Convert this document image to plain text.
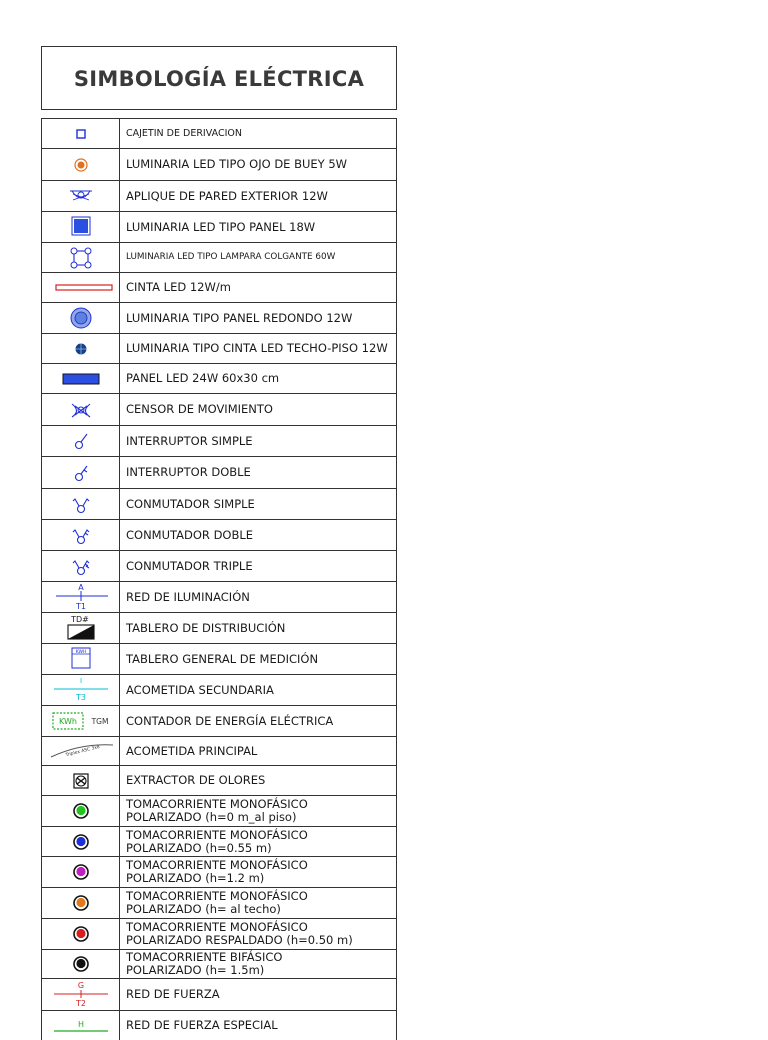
SIMBOLOGÍA ELÉCTRICA
CAJETIN DE DERIVACION
LUMINARIA LED TIPO OJO DE BUEY 5W
APLIQUE DE PARED EXTERIOR 12W
LUMINARIA LED TIPO PANEL 18W
LUMINARIA LED TIPO LAMPARA COLGANTE 60W
CINTA LED 12W/m
LUMINARIA TIPO PANEL REDONDO 12W
LUMINARIA TIPO CINTA LED TECHO-PISO 12W
PANEL LED 24W 60x30 cm
CENSOR DE MOVIMIENTO
INTERRUPTOR SIMPLE
INTERRUPTOR DOBLE
CONMUTADOR SIMPLE
CONMUTADOR DOBLE
CONMUTADOR TRIPLE
A
T1
RED DE ILUMINACIÓN
TD#
TABLERO DE DISTRIBUCIÓN
KWH	TABLERO GENERAL DE MEDICIÓN
I
T3
ACOMETIDA SECUNDARIA
KWh TGM CONTADOR DE ENERGÍA ELÉCTRICA
Triplex ASC 3x8 ACOMETIDA PRINCIPAL
EXTRACTOR DE OLORES
TOMACORRIENTE MONOFÁSICO
POLARIZADO (h=0 m_al piso)
TOMACORRIENTE MONOFÁSICO
POLARIZADO (h=0.55 m)
TOMACORRIENTE MONOFÁSICO
POLARIZADO (h=1.2 m)
TOMACORRIENTE MONOFÁSICO
POLARIZADO (h= al techo)
TOMACORRIENTE MONOFÁSICO
POLARIZADO RESPALDADO (h=0.50 m)
TOMACORRIENTE BIFÁSICO
POLARIZADO (h= 1.5m)
G
T2
RED DE FUERZA
H	RED DE FUERZA ESPECIAL
